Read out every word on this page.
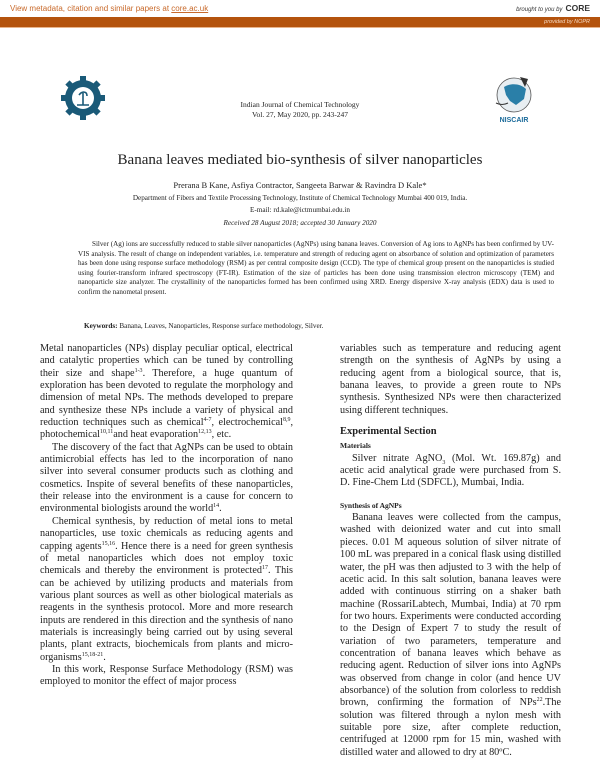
View metadata, citation and similar papers at core.ac.uk	brought to you by CORE
provided by NOPR
NISCAIR
Indian Journal of Chemical Technology
Vol. 27, May 2020, pp. 243-247
Banana leaves mediated bio-synthesis of silver nanoparticles
Prerana B Kane, Asfiya Contractor, Sangeeta Barwar & Ravindra D Kale*
Department of Fibers and Textile Processing Technology, Institute of Chemical Technology Mumbai 400 019, India.
E-mail: rd.kale@ictmumbai.edu.in
Received 28 August 2018; accepted 30 January 2020
Silver (Ag) ions are successfully reduced to stable silver nanoparticles (AgNPs) using banana leaves. Conversion of Ag ions to AgNPs has been confirmed by UV-VIS analysis. The result of change on independent variables, i.e. temperature and strength of reducing agent on absorbance of solution and optimization of parameters has been done using response surface methodology (RSM) as per central composite design (CCD). The type of chemical group present on the nanoparticles is studied using fourier-transform infrared spectroscopy (FT-IR). Estimation of the size of particles has been done using transmission electron microscopy (TEM) and nanoparticle size analyzer. The crystallinity of the nanoparticles formed has been confirmed using XRD. Energy dispersive X-ray analysis (EDX) data is used to confirm the nanometal present.
Keywords: Banana, Leaves, Nanoparticles, Response surface methodology, Silver.

Metal nanoparticles (NPs) display peculiar optical, electrical and catalytic properties which can be tuned by controlling their size and shape$^{1-3}$. Therefore, a huge quantum of exploration has been devoted to regulate the morphology and dimension of metal NPs. The methods developed to prepare and synthesize these NPs include a variety of physical and reduction techniques such as chemical$^{4-7}$, electrochemical$^{8,9}$, photochemical$^{10,11}$and heat evaporation$^{12,13}$, etc.

The discovery of the fact that AgNPs can be used to obtain antimicrobial effects has led to the incorporation of nano silver into several consumer products such as clothing and cosmetics. Inspite of several benefits of these nanoparticles, their release into the environment is a cause for concern to environmental biologists around the world$^{14}$.

Chemical synthesis, by reduction of metal ions to metal nanoparticles, use toxic chemicals as reducing agents and capping agents$^{15,16}$. Hence there is a need for green synthesis of metal nanoparticles which does not employ toxic chemicals and thereby the environment is protected$^{17}$. This can be achieved by utilizing products and materials from various plant sources as well as other biological materials as reagents in the synthesis protocol. More and more research inputs are rendered in this direction and the synthesis of nano materials is increasingly being carried out by using several plants, plant extracts, biochemicals from plants and micro-organisms$^{15,18-21}$.

In this work, Response Surface Methodology (RSM) was employed to monitor the effect of major process

variables such as temperature and reducing agent strength on the synthesis of AgNPs by using a reducing agent from a biological source, that is, banana leaves, to provide a green route to NPs synthesis. Synthesized NPs were then characterized using different techniques.

Experimental Section
Materials

Silver nitrate AgNO$_3$ (Mol. Wt. 169.87g) and acetic acid analytical grade were purchased from S. D. Fine-Chem Ltd (SDFCL), Mumbai, India.

Synthesis of AgNPs

Banana leaves were collected from the campus, washed with deionized water and cut into small pieces. 0.01 M aqueous solution of silver nitrate of 100 mL was prepared in a conical flask using distilled water, the pH was then adjusted to 3 with the help of acetic acid. In this salt solution, banana leaves were added with continuous stirring on a shaker bath machine (RossariLabtech, Mumbai, India) at 70 rpm for two hours. Experiments were conducted according to the Design of Expert 7 to study the result of variation of two parameters, temperature and concentration of banana leaves which behave as reducing agent. Reduction of silver ions into AgNPs was observed from change in color (and hence UV absorbance) of the solution from colorless to reddish brown, confirming the formation of NPs$^{22}$.The solution was filtered through a nylon mesh with suitable pore size, after complete reduction, centrifuged at 12000 rpm for 15 min, washed with distilled water and allowed to dry at 80ºC.
